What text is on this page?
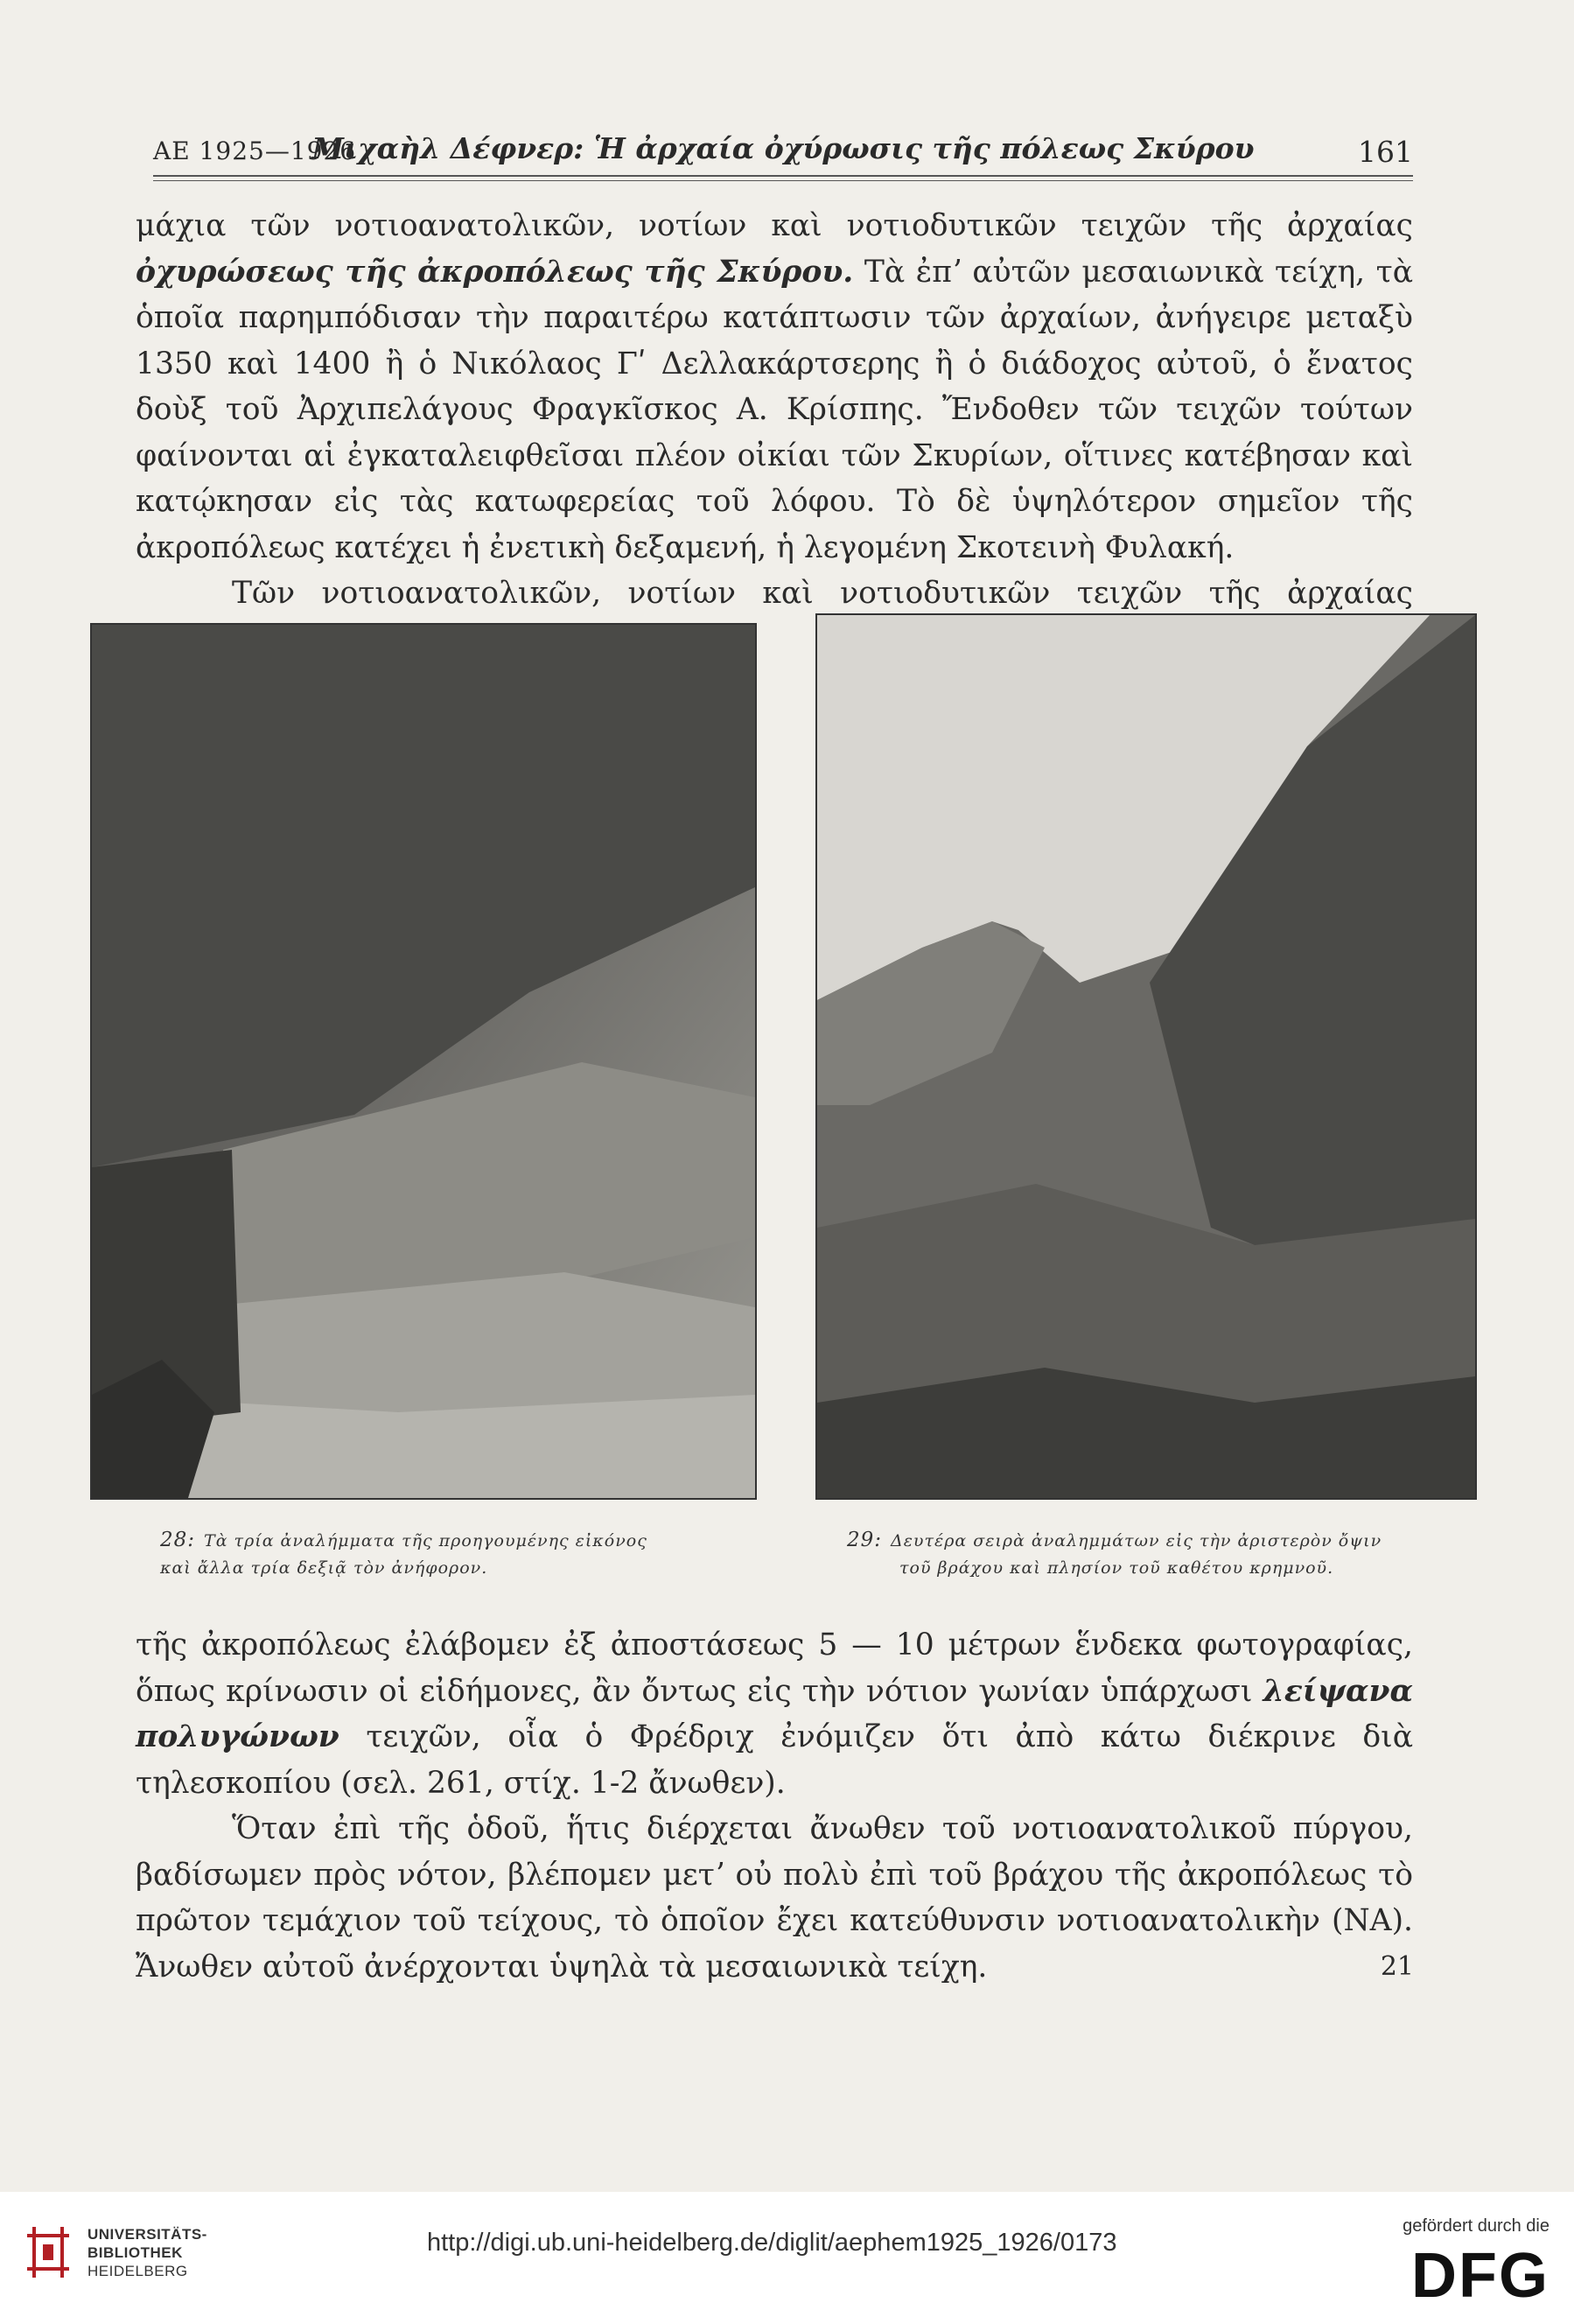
ΑΕ 1925—1926
Μιχαὴλ Δέφνερ: Ἡ ἀρχαία ὀχύρωσις τῆς πόλεως Σκύρου	161

μάχια τῶν νοτιοανατολικῶν, νοτίων καὶ νοτιοδυτικῶν τειχῶν τῆς ἀρχαίας ὀχυρώσεως τῆς ἀκροπόλεως τῆς Σκύρου. Τὰ ἐπʼ αὐτῶν μεσαιωνικὰ τείχη, τὰ ὁποῖα παρημπόδισαν τὴν παραιτέρω κατάπτωσιν τῶν ἀρχαίων, ἀνήγειρε μεταξὺ 1350 καὶ 1400 ἢ ὁ Νικόλαος Γʹ Δελλακάρτσερης ἢ ὁ διάδοχος αὐτοῦ, ὁ ἔνατος δοὺξ τοῦ Ἀρχιπελάγους Φραγκῖσκος Α. Κρίσπης. Ἔνδοθεν τῶν τειχῶν τούτων φαίνονται αἱ ἐγκαταλειφθεῖσαι πλέον οἰκίαι τῶν Σκυρίων, οἵτινες κατέβησαν καὶ κατῴκησαν εἰς τὰς κατωφερείας τοῦ λόφου. Τὸ δὲ ὑψηλότερον σημεῖον τῆς ἀκροπόλεως κατέχει ἡ ἐνετικὴ δεξαμενή, ἡ λεγομένη Σκοτεινὴ Φυλακή.

Τῶν νοτιοανατολικῶν, νοτίων καὶ νοτιοδυτικῶν τειχῶν τῆς ἀρχαίας

28: Τὰ τρία ἀναλήμματα τῆς προηγουμένης εἰκόνος
καὶ ἄλλα τρία δεξιᾷ τὸν ἀνήφορον.
29: Δευτέρα σειρὰ ἀναλημμάτων εἰς τὴν ἀριστερὸν ὄψιν
τοῦ βράχου καὶ πλησίον τοῦ καθέτου κρημνοῦ.

τῆς ἀκροπόλεως ἐλάβομεν ἐξ ἀποστάσεως 5 — 10 μέτρων ἕνδεκα φωτογραφίας, ὅπως κρίνωσιν οἱ εἰδήμονες, ἂν ὄντως εἰς τὴν νότιον γωνίαν ὑπάρχωσι λείψανα πολυγώνων τειχῶν, οἷα ὁ Φρέδριχ ἐνόμιζεν ὅτι ἀπὸ κάτω διέκρινε διὰ τηλεσκοπίου (σελ. 261, στίχ. 1-2 ἄνωθεν).

Ὅταν ἐπὶ τῆς ὁδοῦ, ἥτις διέρχεται ἄνωθεν τοῦ νοτιοανατολικοῦ πύργου, βαδίσωμεν πρὸς νότον, βλέπομεν μετʼ οὐ πολὺ ἐπὶ τοῦ βράχου τῆς ἀκροπόλεως τὸ πρῶτον τεμάχιον τοῦ τείχους, τὸ ὁποῖον ἔχει κατεύθυνσιν νοτιοανατολικὴν (ΝΑ). Ἄνωθεν αὐτοῦ ἀνέρχονται ὑψηλὰ τὰ μεσαιωνικὰ τείχη.	21
UNIVERSITÄTS-
BIBLIOTHEK
HEIDELBERG
http://digi.ub.uni-heidelberg.de/diglit/aephem1925_1926/0173
gefördert durch die
DFG
